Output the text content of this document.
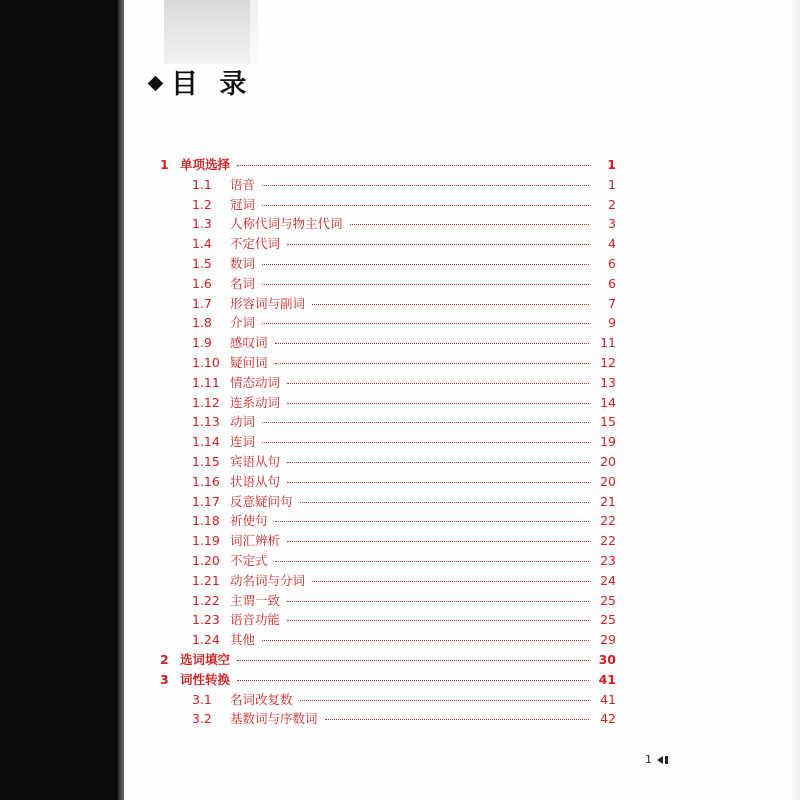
目 录
1 单项选择	1
1.1	语音	1
1.2	冠词	2
1.3	人称代词与物主代词	3
1.4	不定代词	4
1.5	数词	6
1.6	名词	6
1.7	形容词与副词	7
1.8	介词	9
1.9	感叹词	11
1.10 疑问词	12
1.11 情态动词	13
1.12 连系动词	14
1.13 动词	15
1.14 连词	19
1.15 宾语从句	20
1.16 状语从句	20
1.17 反意疑问句	21
1.18 祈使句	22
1.19 词汇辨析	22
1.20 不定式	23
1.21 动名词与分词	24
1.22 主谓一致	25
1.23 语音功能	25
1.24 其他	29
2 选词填空	30
3 词性转换	41
3.1	名词改复数	41
3.2	基数词与序数词	42
1
